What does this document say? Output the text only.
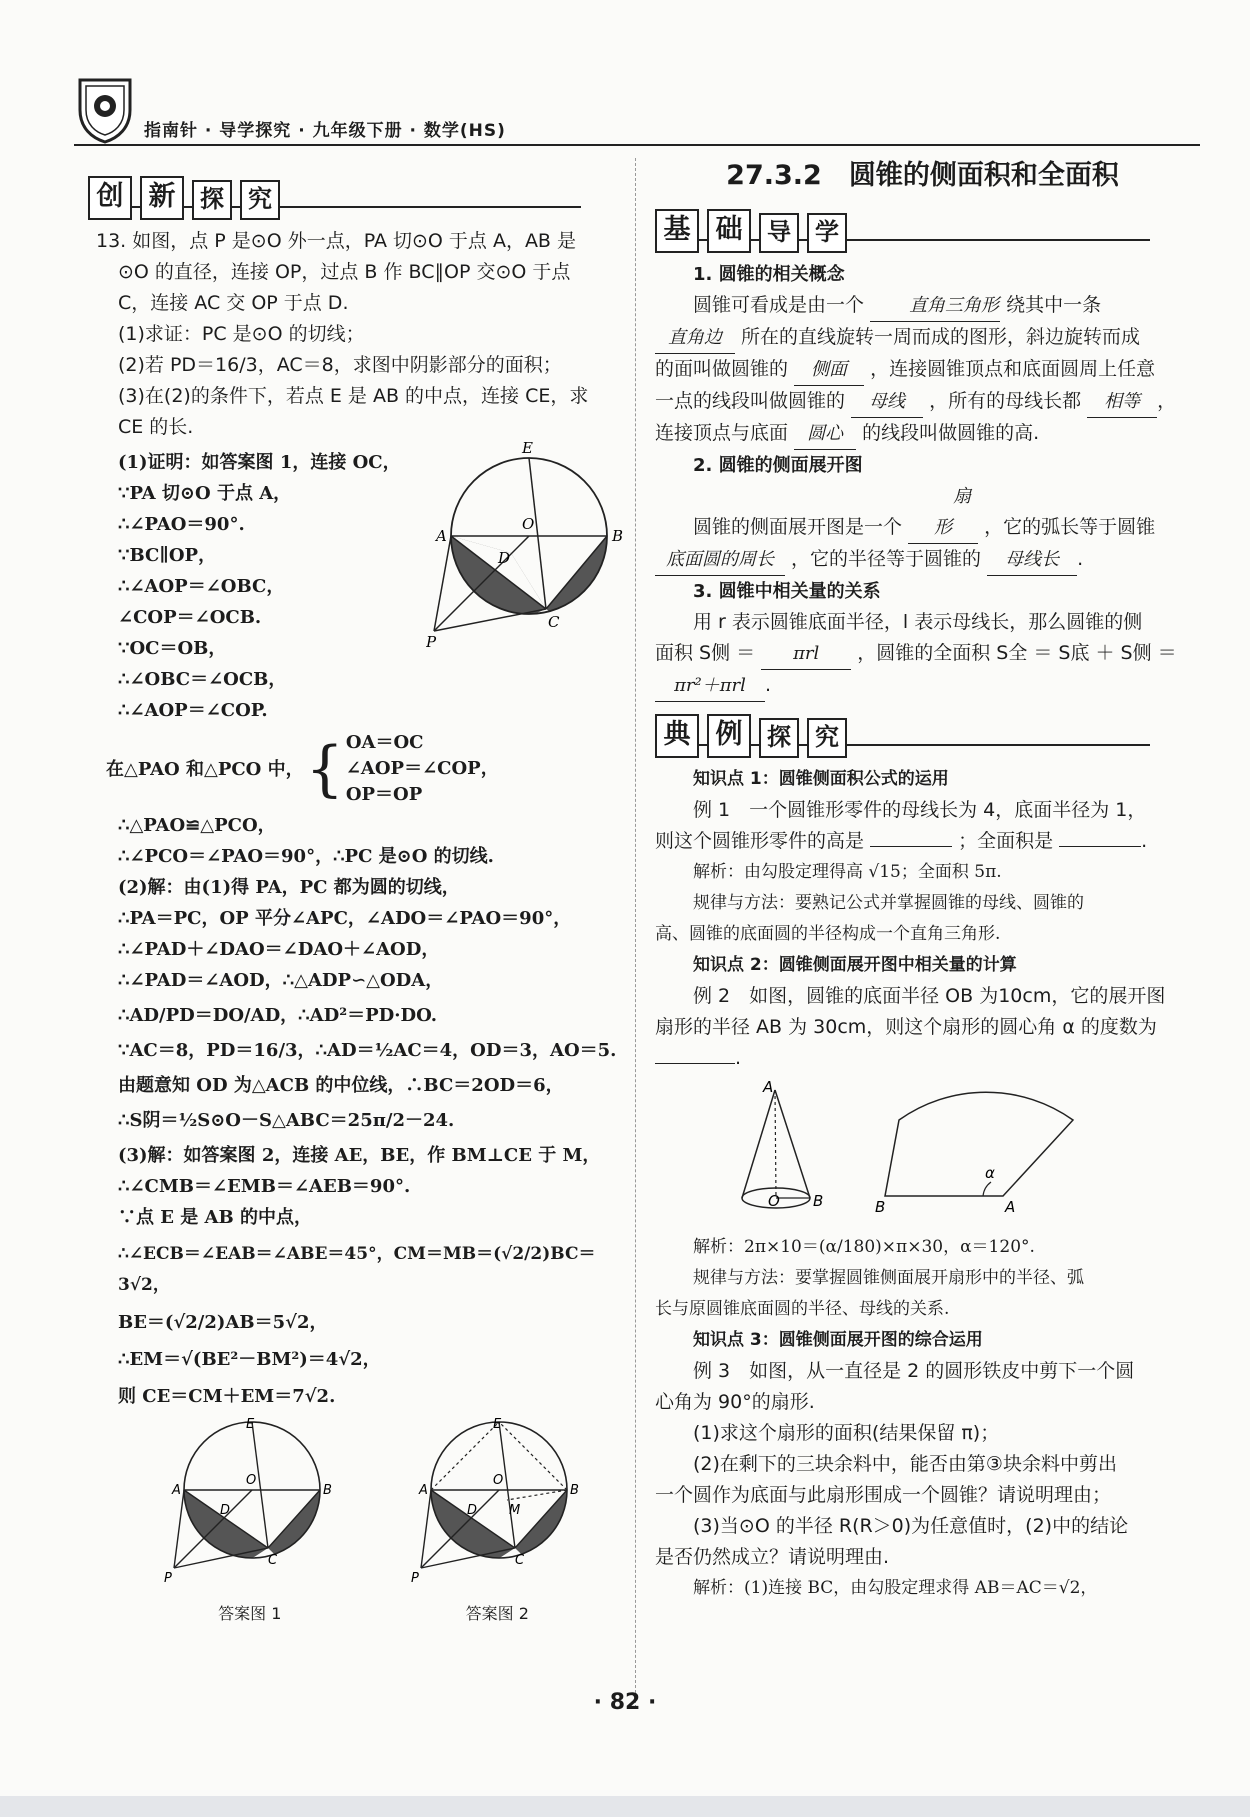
指南针 · 导学探究 · 九年级下册 · 数学(HS)
创 新	探	究

13. 如图，点 P 是⊙O 外一点，PA 切⊙O 于点 A，AB 是

⊙O 的直径，连接 OP，过点 B 作 BC∥OP 交⊙O 于点

C，连接 AC 交 OP 于点 D.

(1)求证：PC 是⊙O 的切线；

(2)若 PD＝16/3，AC＝8，求图中阴影部分的面积；

(3)在(2)的条件下，若点 E 是 AB 的中点，连接 CE，求

CE 的长.

(1)证明：如答案图 1，连接 OC，

∵PA 切⊙O 于点 A，

∴∠PAO＝90°.

∵BC∥OP，

∴∠AOP＝∠OBC，

∠COP＝∠OCB.

∵OC＝OB，

∴∠OBC＝∠OCB，

∴∠AOP＝∠COP.

E
A	B
O
D
C
P
在△PAO 和△PCO 中， { OA＝OC
∠AOP＝∠COP，
OP＝OP

∴△PAO≌△PCO，

∴∠PCO＝∠PAO＝90°，∴PC 是⊙O 的切线.

(2)解：由(1)得 PA，PC 都为圆的切线，

∴PA＝PC，OP 平分∠APC，∠ADO＝∠PAO＝90°，

∴∠PAD＋∠DAO＝∠DAO＋∠AOD，

∴∠PAD＝∠AOD，∴△ADP∽△ODA，

∴AD/PD＝DO/AD，∴AD²＝PD·DO.

∵AC＝8，PD＝16/3，∴AD＝½AC＝4，OD＝3，AO＝5.

由题意知 OD 为△ACB 的中位线，∴BC＝2OD＝6，

∴S阴＝½S⊙O－S△ABC＝25π/2－24.

(3)解：如答案图 2，连接 AE，BE，作 BM⊥CE 于 M，

∴∠CMB＝∠EMB＝∠AEB＝90°.

∵点 E 是 AB 的中点，

∴∠ECB＝∠EAB＝∠ABE＝45°，CM＝MB＝(√2/2)BC＝3√2，

BE＝(√2/2)AB＝5√2，

∴EM＝√(BE²－BM²)＝4√2，

则 CE＝CM＋EM＝7√2.

E
A	B
O
D
C
P
答案图 1
E
A	B
O
D M
C
P
答案图 2
27.3.2　圆锥的侧面积和全面积
基 础	导	学

1. 圆锥的相关概念

圆锥可看成是由一个	直角三角形 绕其中一条

直角边 所在的直线旋转一周而成的图形，斜边旋转而成

的面叫做圆锥的 侧面 ，连接圆锥顶点和底面圆周上任意

一点的线段叫做圆锥的 母线 ，所有的母线长都 相等 ，

连接顶点与底面 圆心 的线段叫做圆锥的高.

2. 圆锥的侧面展开图

圆锥的侧面展开图是一个 扇形 ，它的弧长等于圆锥

底面圆的周长 ，它的半径等于圆锥的 母线长 .

3. 圆锥中相关量的关系

用 r 表示圆锥底面半径，l 表示母线长，那么圆锥的侧

面积 S侧 ＝ πrl ，圆锥的全面积 S全 ＝ S底 ＋ S侧 ＝

πr²＋πrl .

典 例	探	究

知识点 1：圆锥侧面积公式的运用

例 1　一个圆锥形零件的母线长为 4，底面半径为 1，

则这个圆锥形零件的高是	；全面积是	.

解析：由勾股定理得高 √15；全面积 5π.

规律与方法：要熟记公式并掌握圆锥的母线、圆锥的

高、圆锥的底面圆的半径构成一个直角三角形.

知识点 2：圆锥侧面展开图中相关量的计算

例 2　如图，圆锥的底面半径 OB 为10cm，它的展开图

扇形的半径 AB 为 30cm，则这个扇形的圆心角 α 的度数为

.

A
O B	B	A
α

解析：2π×10＝(α/180)×π×30，α＝120°.

规律与方法：要掌握圆锥侧面展开扇形中的半径、弧

长与原圆锥底面圆的半径、母线的关系.

知识点 3：圆锥侧面展开图的综合运用

例 3　如图，从一直径是 2 的圆形铁皮中剪下一个圆

心角为 90°的扇形.

(1)求这个扇形的面积(结果保留 π)；

(2)在剩下的三块余料中，能否由第③块余料中剪出

一个圆作为底面与此扇形围成一个圆锥？请说明理由；

(3)当⊙O 的半径 R(R＞0)为任意值时，(2)中的结论

是否仍然成立？请说明理由.

解析：(1)连接 BC，由勾股定理求得 AB＝AC＝√2，

· 82 ·
